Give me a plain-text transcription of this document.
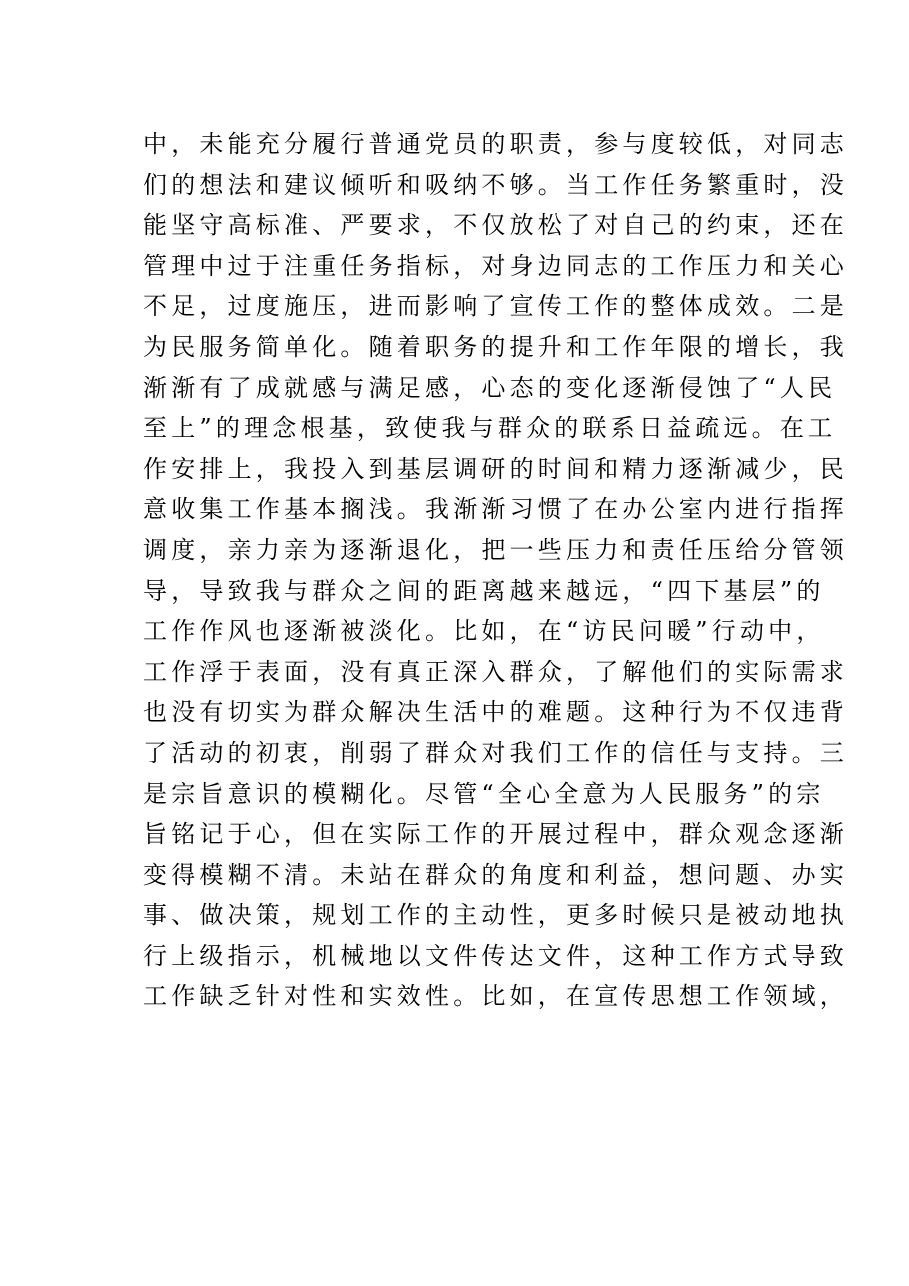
中，未能充分履行普通党员的职责，参与度较低，对同志
们的想法和建议倾听和吸纳不够。当工作任务繁重时，没
能坚守高标准、严要求，不仅放松了对自己的约束，还在
管理中过于注重任务指标，对身边同志的工作压力和关心
不足，过度施压，进而影响了宣传工作的整体成效。二是
为民服务简单化。随着职务的提升和工作年限的增长，我
渐渐有了成就感与满足感，心态的变化逐渐侵蚀了“人民
至上”的理念根基，致使我与群众的联系日益疏远。在工
作安排上，我投入到基层调研的时间和精力逐渐减少，民
意收集工作基本搁浅。我渐渐习惯了在办公室内进行指挥
调度，亲力亲为逐渐退化，把一些压力和责任压给分管领
导，导致我与群众之间的距离越来越远，“四下基层”的
工作作风也逐渐被淡化。比如，在“访民问暖”行动中，
工作浮于表面，没有真正深入群众，了解他们的实际需求
也没有切实为群众解决生活中的难题。这种行为不仅违背
了活动的初衷，削弱了群众对我们工作的信任与支持。三
是宗旨意识的模糊化。尽管“全心全意为人民服务”的宗
旨铭记于心，但在实际工作的开展过程中，群众观念逐渐
变得模糊不清。未站在群众的角度和利益，想问题、办实
事、做决策，规划工作的主动性，更多时候只是被动地执
行上级指示，机械地以文件传达文件，这种工作方式导致
工作缺乏针对性和实效性。比如，在宣传思想工作领域，
